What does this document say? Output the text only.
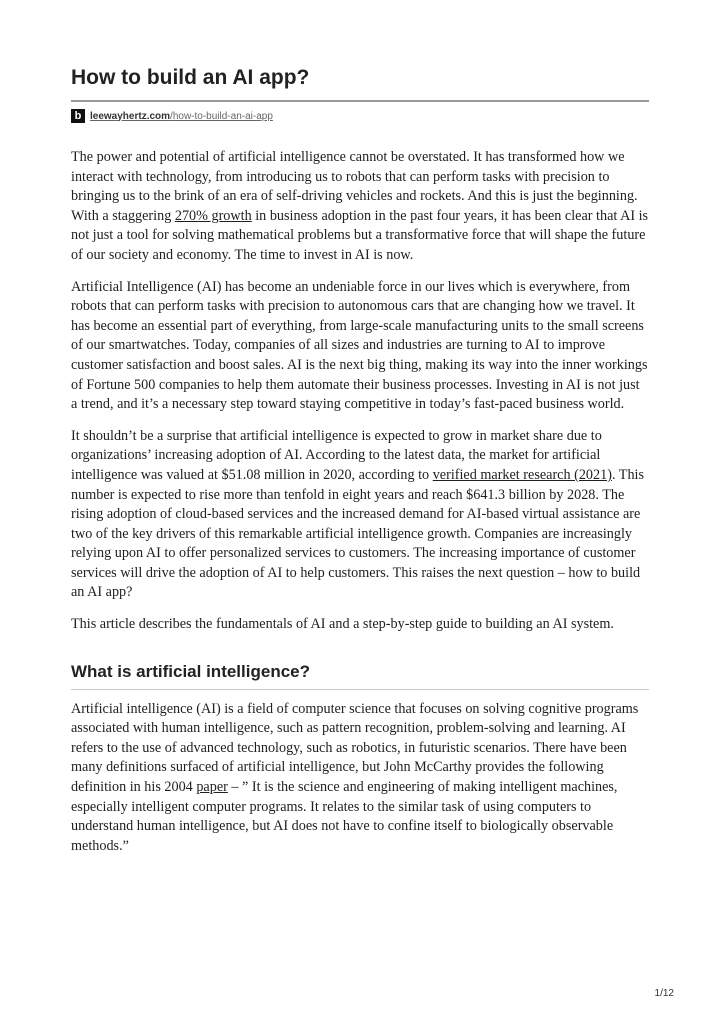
How to build an AI app?
b leewayhertz.com/how-to-build-an-ai-app

The power and potential of artificial intelligence cannot be overstated. It has transformed how we interact with technology, from introducing us to robots that can perform tasks with precision to bringing us to the brink of an era of self-driving vehicles and rockets. And this is just the beginning. With a staggering 270% growth in business adoption in the past four years, it has been clear that AI is not just a tool for solving mathematical problems but a transformative force that will shape the future of our society and economy. The time to invest in AI is now.

Artificial Intelligence (AI) has become an undeniable force in our lives which is everywhere, from robots that can perform tasks with precision to autonomous cars that are changing how we travel. It has become an essential part of everything, from large-scale manufacturing units to the small screens of our smartwatches. Today, companies of all sizes and industries are turning to AI to improve customer satisfaction and boost sales. AI is the next big thing, making its way into the inner workings of Fortune 500 companies to help them automate their business processes. Investing in AI is not just a trend, and it’s a necessary step toward staying competitive in today’s fast-paced business world.

It shouldn’t be a surprise that artificial intelligence is expected to grow in market share due to organizations’ increasing adoption of AI. According to the latest data, the market for artificial intelligence was valued at $51.08 million in 2020, according to verified market research (2021). This number is expected to rise more than tenfold in eight years and reach $641.3 billion by 2028. The rising adoption of cloud-based services and the increased demand for AI-based virtual assistance are two of the key drivers of this remarkable artificial intelligence growth. Companies are increasingly relying upon AI to offer personalized services to customers. The increasing importance of customer services will drive the adoption of AI to help customers. This raises the next question – how to build an AI app?

This article describes the fundamentals of AI and a step-by-step guide to building an AI system.

What is artificial intelligence?

Artificial intelligence (AI) is a field of computer science that focuses on solving cognitive programs associated with human intelligence, such as pattern recognition, problem-solving and learning. AI refers to the use of advanced technology, such as robotics, in futuristic scenarios. There have been many definitions surfaced of artificial intelligence, but John McCarthy provides the following definition in his 2004 paper – ” It is the science and engineering of making intelligent machines, especially intelligent computer programs. It relates to the similar task of using computers to understand human intelligence, but AI does not have to confine itself to biologically observable methods.”

1/12
